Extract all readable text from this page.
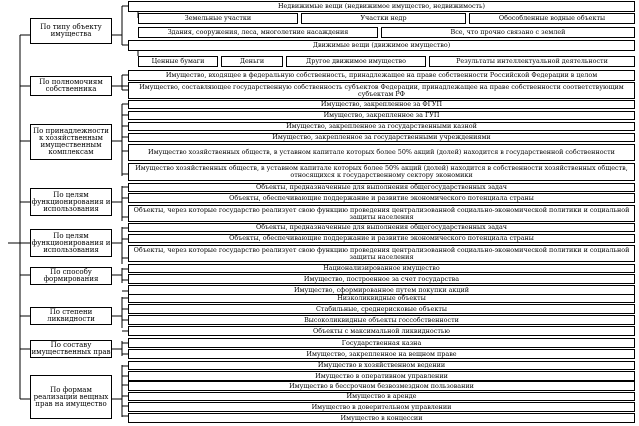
По типу объекту имущества
По полномочиям собственника
По принадлежности к хозяйственным имущественным комплексам
По целям функционирования и использования
По целям функционирования и использования
По способу формирования
По степени ликвидности
По составу имущественных прав
По формам реализации вещных прав на имущество
Недвижимые вещи (недвижимое имущество, недвижимость)
Земельные участки	Участки недр	Обособленные водные объекты
Здания, сооружения, леса, многолетние насаждения	Все, что прочно связано с землей
Движимые вещи (движимое имущество)
Ценные бумаги	Деньги	Другое движимое имущество	Результаты интеллектуальной деятельности
Имущество, входящее в федеральную собственность, принадлежащее на праве собственности Российской Федерации в целом
Имущество, составляющее государственную собственность субъектов Федерации, принадлежащее на праве собственности соответствующим субъектам РФ
Имущество, закрепленное за ФГУП
Имущество, закрепленное за ГУП
Имущество, закрепленное за государственными казной
Имущество, закрепленное за государственными учреждениями
Имущество хозяйственных обществ, в уставном капитале которых более 50% акций (долей) находится в государственной собственности
Имущество хозяйственных обществ, в уставном капитале которых более 50% акций (долей) находится в собственности хозяйственных обществ, относящихся к государственному сектору экономики
Объекты, предназначенные для выполнения общегосударственных задач
Объекты, обеспечивающие поддержание и развитие экономического потенциала страны
Объекты, через которые государство реализует свою функцию проведения централизованной социально-экономической политики и социальной защиты населения
Объекты, предназначенные для выполнения общегосударственных задач
Объекты, обеспечивающие поддержание и развитие экономического потенциала страны
Объекты, через которые государство реализует свою функцию проведения централизованной социально-экономической политики и социальной защиты населения
Национализированное имущество
Имущество, построенное за счет государства
Имущество, сформированное путем покупки акций
Низколиквидные объекты
Стабильные, среднерисковые объекты
Высоколиквидные объекты госсобственности
Объекты с максимальной ликвидностью
Государственная казна
Имущество, закрепленное на вещном праве
Имущество в хозяйственном ведении
Имущество в оперативном управлении
Имущество в бессрочном безвозмездном пользовании
Имущество в аренде
Имущество в доверительном управлении
Имущество в концессии
